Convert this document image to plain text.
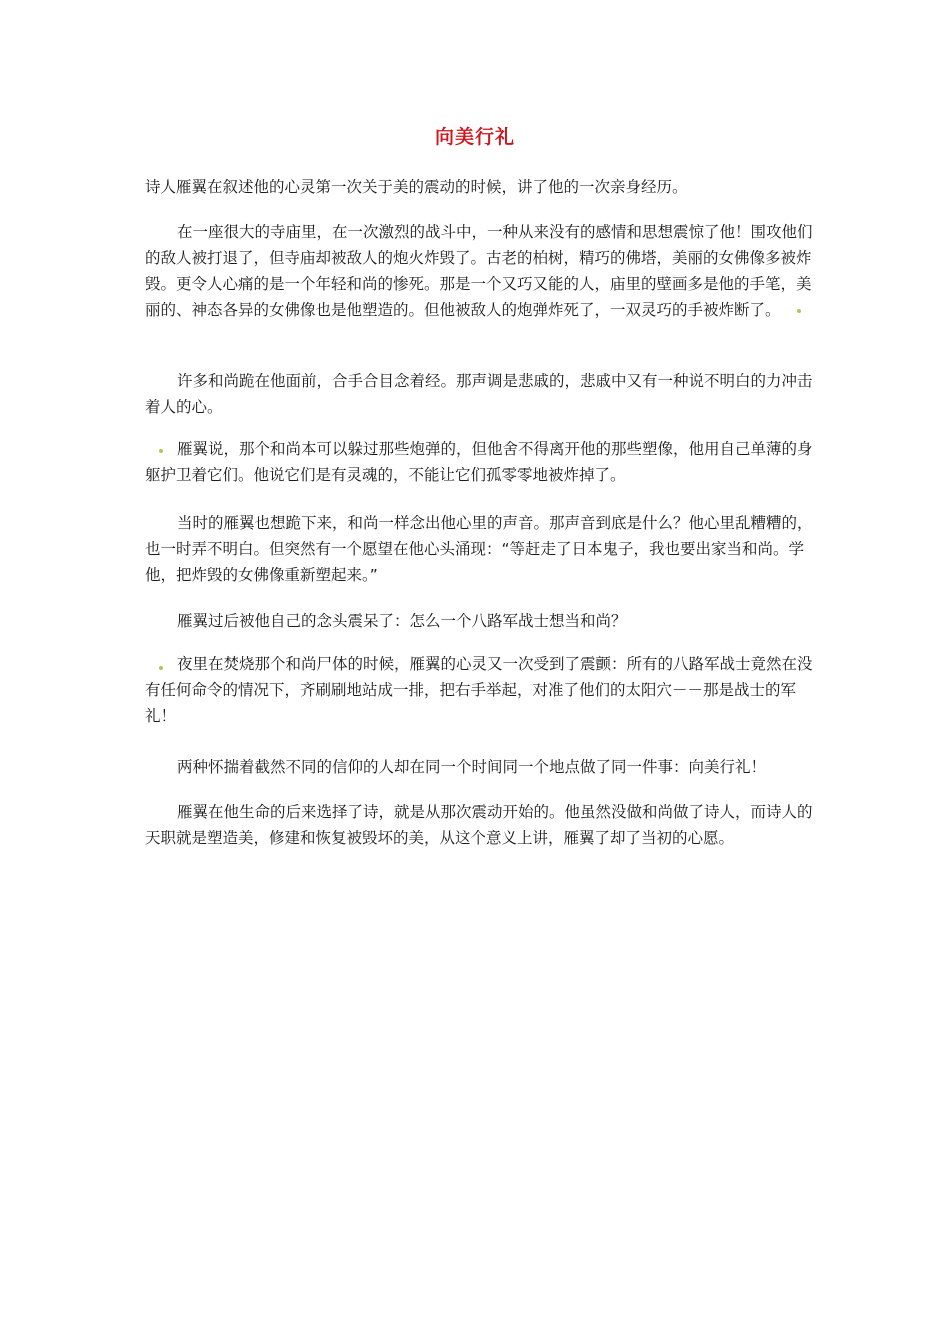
向美行礼

诗人雁翼在叙述他的心灵第一次关于美的震动的时候，讲了他的一次亲身经历。

在一座很大的寺庙里，在一次激烈的战斗中，一种从来没有的感情和思想震惊了他！围攻他们的敌人被打退了，但寺庙却被敌人的炮火炸毁了。古老的柏树，精巧的佛塔，美丽的女佛像多被炸毁。更令人心痛的是一个年轻和尚的惨死。那是一个又巧又能的人，庙里的壁画多是他的手笔，美丽的、神态各异的女佛像也是他塑造的。但他被敌人的炮弹炸死了，一双灵巧的手被炸断了。

许多和尚跪在他面前，合手合目念着经。那声调是悲戚的，悲戚中又有一种说不明白的力冲击着人的心。

雁翼说，那个和尚本可以躲过那些炮弹的，但他舍不得离开他的那些塑像，他用自己单薄的身躯护卫着它们。他说它们是有灵魂的，不能让它们孤零零地被炸掉了。

当时的雁翼也想跪下来，和尚一样念出他心里的声音。那声音到底是什么？他心里乱糟糟的，也一时弄不明白。但突然有一个愿望在他心头涌现：“等赶走了日本鬼子，我也要出家当和尚。学他，把炸毁的女佛像重新塑起来。”

雁翼过后被他自己的念头震呆了：怎么一个八路军战士想当和尚？

夜里在焚烧那个和尚尸体的时候，雁翼的心灵又一次受到了震颤：所有的八路军战士竟然在没有任何命令的情况下，齐刷刷地站成一排，把右手举起，对准了他们的太阳穴－－那是战士的军礼！

两种怀揣着截然不同的信仰的人却在同一个时间同一个地点做了同一件事：向美行礼！

雁翼在他生命的后来选择了诗，就是从那次震动开始的。他虽然没做和尚做了诗人，而诗人的天职就是塑造美，修建和恢复被毁坏的美，从这个意义上讲，雁翼了却了当初的心愿。
